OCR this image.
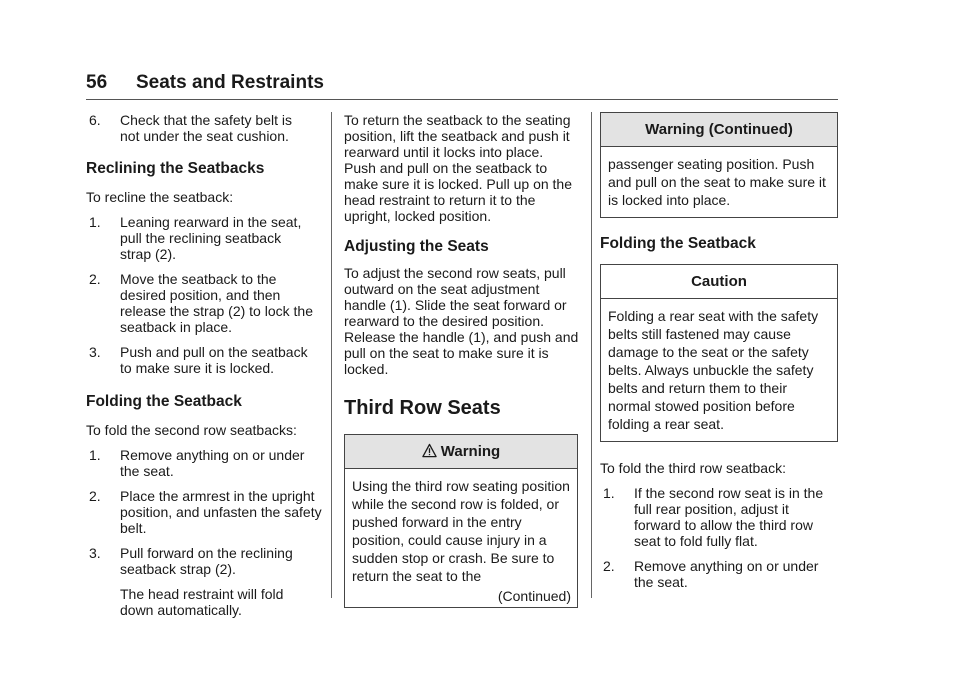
56 Seats and Restraints
6. Check that the safety belt is not under the seat cushion.
Reclining the Seatbacks

To recline the seatback:

1. Leaning rearward in the seat, pull the reclining seatback strap (2).
2. Move the seatback to the desired position, and then release the strap (2) to lock the seatback in place.
3. Push and pull on the seatback to make sure it is locked.
Folding the Seatback

To fold the second row seatbacks:

1. Remove anything on or under the seat.
2. Place the armrest in the upright position, and unfasten the safety belt.
3. Pull forward on the reclining seatback strap (2).

The head restraint will fold down automatically.

To return the seatback to the seating position, lift the seatback and push it rearward until it locks into place. Push and pull on the seatback to make sure it is locked. Pull up on the head restraint to return it to the upright, locked position.

Adjusting the Seats

To adjust the second row seats, pull outward on the seat adjustment handle (1). Slide the seat forward or rearward to the desired position. Release the handle (1), and push and pull on the seat to make sure it is locked.

Third Row Seats
Warning
Using the third row seating position while the second row is folded, or pushed forward in the entry position, could cause injury in a sudden stop or crash. Be sure to return the seat to the
(Continued)
Warning (Continued)
passenger seating position. Push and pull on the seat to make sure it is locked into place.
Folding the Seatback
Caution
Folding a rear seat with the safety belts still fastened may cause damage to the seat or the safety belts. Always unbuckle the safety belts and return them to their normal stowed position before folding a rear seat.

To fold the third row seatback:

1. If the second row seat is in the full rear position, adjust it forward to allow the third row seat to fold fully flat.
2. Remove anything on or under the seat.
